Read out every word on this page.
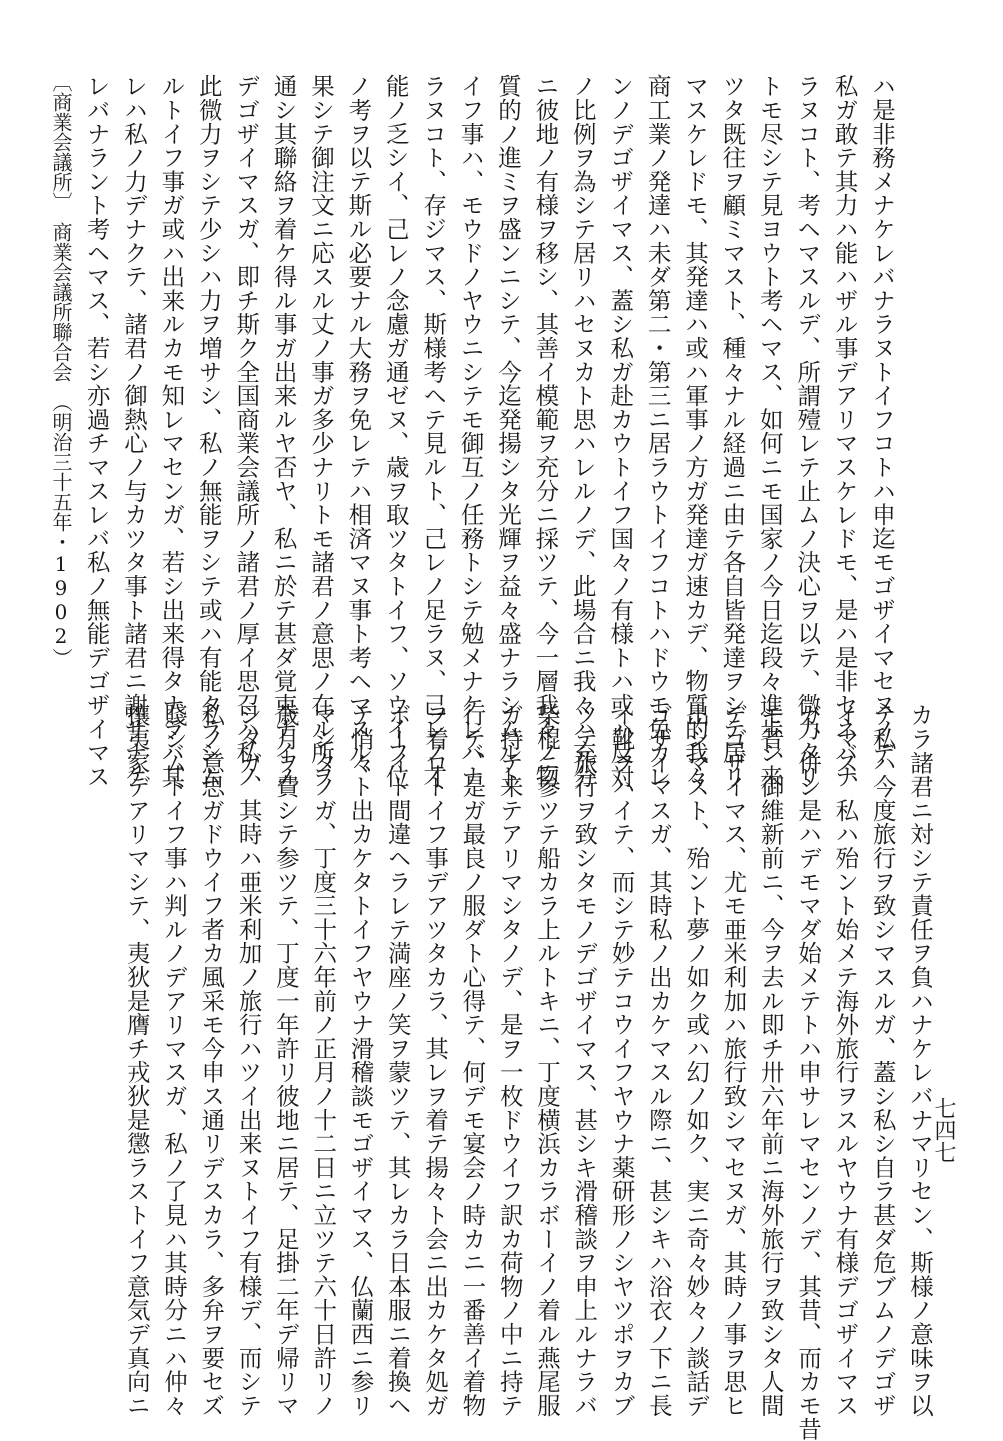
ハ是非務メナケレバナラヌトイフコトハ申迄モゴザイマセヌノデ
私ガ敢テ其力ハ能ハザル事デアリマスケレドモ、是ハ是非セネバナ
ラヌコト、考ヘマスルデ、所謂殪レテ止ムノ決心ヲ以テ、微力タリ
トモ尽シテ見ヨウト考ヘマス、如何ニモ国家ノ今日迄段々進歩シ来
ツタ既往ヲ顧ミマスト、種々ナル経過ニ由テ各自皆発達ヲシテ居リ
マスケレドモ、其発達ハ或ハ軍事ノ方ガ発達ガ速カデ、物質的我々
商工業ノ発達ハ未ダ第二・第三ニ居ラウトイフコトハドウモ免カレ
ンノデゴザイマス、蓋シ私ガ赴カウトイフ国々ノ有様トハ或ハ反対
ノ比例ヲ為シテ居リハセヌカト思ハレルノデ、此場合ニ我々ハ充分
ニ彼地ノ有様ヲ移シ、其善イ模範ヲ充分ニ採ツテ、今一層我々ノ物
質的ノ進ミヲ盛ンニシテ、今迄発揚シタ光輝ヲ益々盛ナラシムルト
イフ事ハ、モウドノヤウニシテモ御互ノ任務トシテ勉メナケレバナ
ラヌコト、存ジマス、斯様考ヘテ見ルト、己レノ足ラヌ、己レノ才
能ノ乏シイ、己レノ念慮ガ通ゼヌ、歳ヲ取ツタトイフ、ソウイフ位
ノ考ヲ以テ斯ル必要ナル大務ヲ免レテハ相済マヌ事ト考ヘマスル、
果シテ御注文ニ応スル丈ノ事ガ多少ナリトモ諸君ノ意思ノ在ル所ヲ
通シ其聯絡ヲ着ケ得ル事ガ出来ルヤ否ヤ、私ニ於テ甚ダ覚束ナイノ
デゴザイマスガ、即チ斯ク全国商業会議所ノ諸君ノ厚イ思召ハ私ノ
此微力ヲシテ少シハ力ヲ増サシ、私ノ無能ヲシテ或ハ有能タラシム
ルトイフ事ガ或ハ出来ルカモ知レマセンガ、若シ出来得タナラバ其
レハ私ノ力デナクテ、諸君ノ御熱心ノ与カツタ事ト諸君ニ謝サナケ
レバナラント考ヘマス、若シ亦過チマスレバ私ノ無能デゴザイマス
カラ諸君ニ対シテ責任ヲ負ハナケレバナマリセン、斯様ノ意味ヲ以
テ私ハ今度旅行ヲ致シマスルガ、蓋シ私シ自ラ甚ダ危ブムノデゴザ
イマス、私ハ殆ント始メテ海外旅行ヲスルヤウナ有様デゴザイマス
ガ、併シ是ハデモマダ始メテトハ申サレマセンノデ、其昔、而カモ昔
モ昔、御維新前ニ、今ヲ去ル即チ卅六年前ニ海外旅行ヲ致シタ人間
デゴザイマス、尤モ亜米利加ハ旅行致シマセヌガ、其時ノ事ヲ思ヒ
出シマスト、殆ント夢ノ如ク或ハ幻ノ如ク、実ニ奇々妙々ノ談話デ
ゴザイマスガ、其時私ノ出カケマスル際ニ、甚シキハ浴衣ノ下ニ長
イ靴ヲハイテ、而シテ妙テコウイフヤウナ薬研形ノシヤツポヲカブ
ツテ旅行ヲ致シタモノデゴザイマス、甚シキ滑稽談ヲ申上ルナラバ
柴棍ニ参ツテ船カラ上ルトキニ、丁度横浜カラボーイノ着ル燕尾服
ガ持テ来テアリマシタノデ、是ヲ一枚ドウイフ訳カ荷物ノ中ニ持テ
行テ、是ガ最良ノ服ダト心得テ、何デモ宴会ノ時カニ一番善イ着物
ヲ着ロトイフ事デアツタカラ、其レヲ着テ揚々ト会ニ出カケタ処ガ
ボーイト間違ヘラレテ満座ノ笑ヲ蒙ツテ、其レカラ日本服ニ着換ヘ
テ悄々ト出カケタトイフヤウナ滑稽談モゴザイマス、仏蘭西ニ参リ
マシタノガ、丁度三十六年前ノ正月ノ十二日ニ立ツテ六十日許リノ
歳月ヲ費シテ参ツテ、丁度一年許リ彼地ニ居テ、足掛二年デ帰リマ
シタガ、其時ハ亜米利加ノ旅行ハツイ出来ヌトイフ有様デ、而シテ
私ノ意思ガドウイフ者カ風采モ今申ス通リデスカラ、多弁ヲ要セズ
賤シムトイフ事ハ判ルノデアリマスガ、私ノ了見ハ其時分ニハ仲々
攘夷家デアリマシテ、夷狄是膺チ戎狄是懲ラストイフ意気デ真向ニ
〔商業会議所〕　商業会議所聯合会　（明治三十五年・1902）
七四七
